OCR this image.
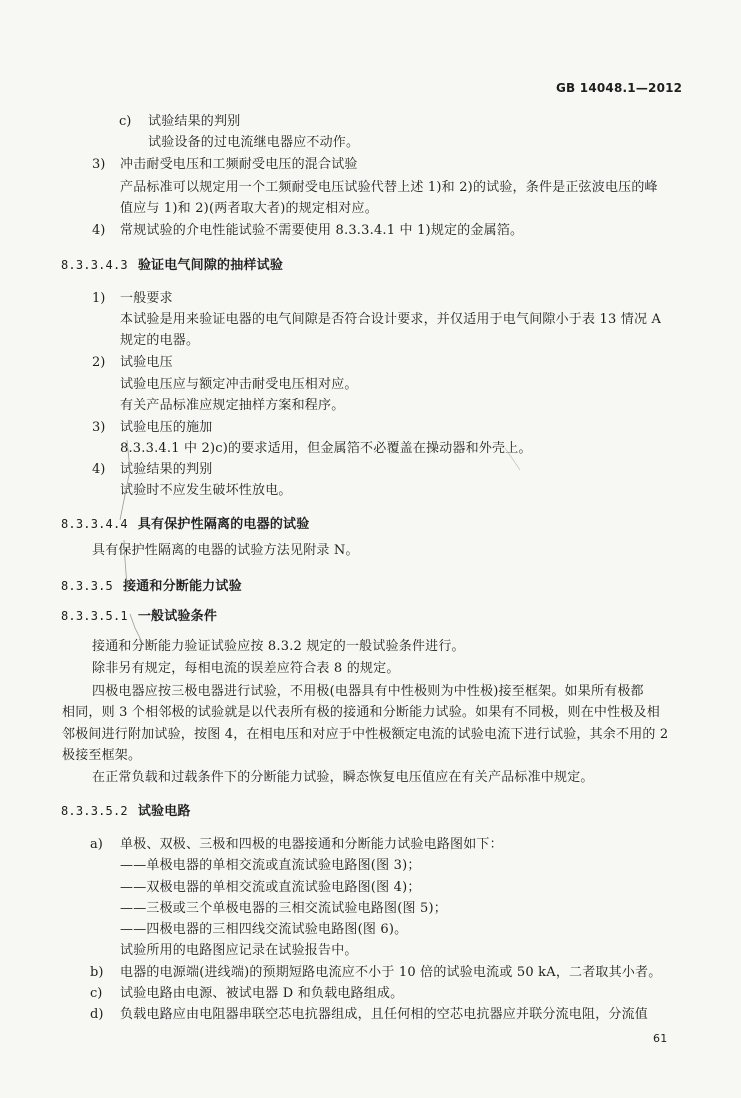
GB 14048.1—2012
c) 试验结果的判别
试验设备的过电流继电器应不动作。
3) 冲击耐受电压和工频耐受电压的混合试验
产品标准可以规定用一个工频耐受电压试验代替上述 1)和 2)的试验，条件是正弦波电压的峰
值应与 1)和 2)(两者取大者)的规定相对应。
4) 常规试验的介电性能试验不需要使用 8.3.3.4.1 中 1)规定的金属箔。
8.3.3.4.3 验证电气间隙的抽样试验
1) 一般要求
本试验是用来验证电器的电气间隙是否符合设计要求，并仅适用于电气间隙小于表 13 情况 A
规定的电器。
2) 试验电压
试验电压应与额定冲击耐受电压相对应。
有关产品标准应规定抽样方案和程序。
3) 试验电压的施加
8.3.3.4.1 中 2)c)的要求适用，但金属箔不必覆盖在操动器和外壳上。
4) 试验结果的判别
试验时不应发生破坏性放电。
8.3.3.4.4 具有保护性隔离的电器的试验
具有保护性隔离的电器的试验方法见附录 N。
8.3.3.5 接通和分断能力试验
8.3.3.5.1 一般试验条件
接通和分断能力验证试验应按 8.3.2 规定的一般试验条件进行。
除非另有规定，每相电流的误差应符合表 8 的规定。
四极电器应按三极电器进行试验，不用极(电器具有中性极则为中性极)接至框架。如果所有极都
相同，则 3 个相邻极的试验就是以代表所有极的接通和分断能力试验。如果有不同极，则在中性极及相
邻极间进行附加试验，按图 4，在相电压和对应于中性极额定电流的试验电流下进行试验，其余不用的 2
极接至框架。
在正常负载和过载条件下的分断能力试验，瞬态恢复电压值应在有关产品标准中规定。
8.3.3.5.2 试验电路
a) 单极、双极、三极和四极的电器接通和分断能力试验电路图如下：
——单极电器的单相交流或直流试验电路图(图 3)；
——双极电器的单相交流或直流试验电路图(图 4)；
——三极或三个单极电器的三相交流试验电路图(图 5)；
——四极电器的三相四线交流试验电路图(图 6)。
试验所用的电路图应记录在试验报告中。
b) 电器的电源端(进线端)的预期短路电流应不小于 10 倍的试验电流或 50 kA，二者取其小者。
c) 试验电路由电源、被试电器 D 和负载电路组成。
d) 负载电路应由电阻器串联空芯电抗器组成，且任何相的空芯电抗器应并联分流电阻，分流值
61
